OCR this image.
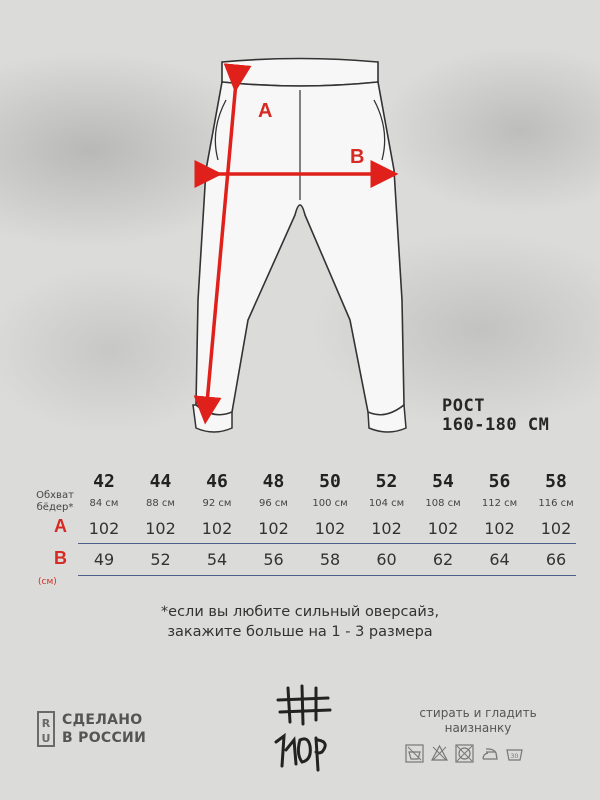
A
B
РОСТ
160-180 СМ
Обхват бёдер*
A
B
(см)
42
84 см
102
49
44
88 см
102
52
46
92 см
102
54
48
96 см
102
56
50
100 см
102
58
52
104 см
102
60
54
108 см
102
62
56
112 см
102
64
58
116 см
102
66
*если вы любите сильный оверсайз,
закажите больше на 1 - 3 размера
R
U
СДЕЛАНО
В РОССИИ
стирать и гладить
наизнанку
30
